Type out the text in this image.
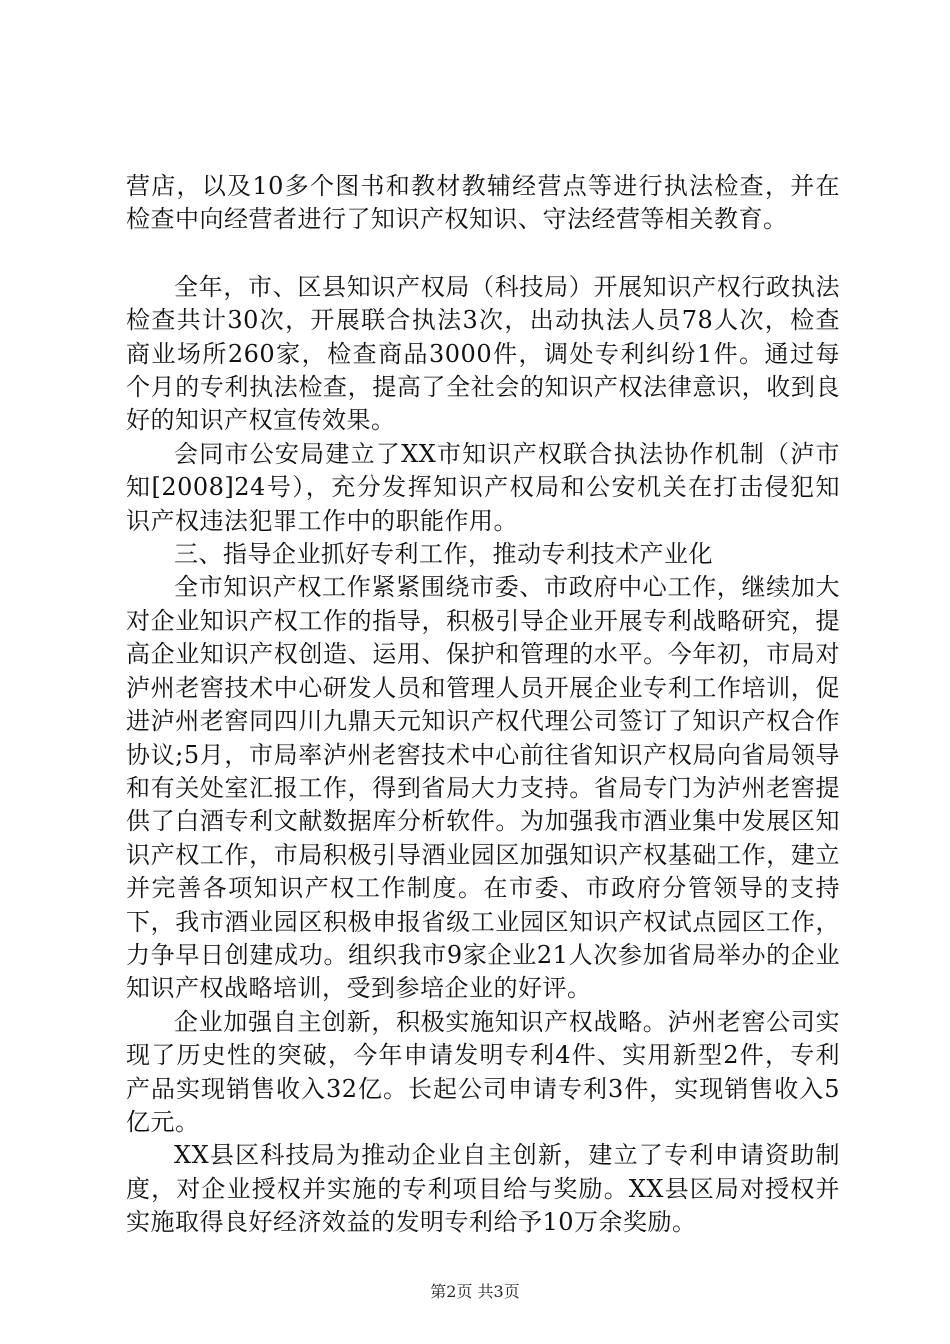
营店，以及10多个图书和教材教辅经营点等进行执法检查，并在检查中向经营者进行了知识产权知识、守法经营等相关教育。

全年，市、区县知识产权局（科技局）开展知识产权行政执法检查共计30次，开展联合执法3次，出动执法人员78人次，检查商业场所260家，检查商品3000件，调处专利纠纷1件。通过每个月的专利执法检查，提高了全社会的知识产权法律意识，收到良好的知识产权宣传效果。

会同市公安局建立了XX市知识产权联合执法协作机制（泸市知[2008]24号），充分发挥知识产权局和公安机关在打击侵犯知识产权违法犯罪工作中的职能作用。

三、指导企业抓好专利工作，推动专利技术产业化

全市知识产权工作紧紧围绕市委、市政府中心工作，继续加大对企业知识产权工作的指导，积极引导企业开展专利战略研究，提高企业知识产权创造、运用、保护和管理的水平。今年初，市局对泸州老窖技术中心研发人员和管理人员开展企业专利工作培训，促进泸州老窖同四川九鼎天元知识产权代理公司签订了知识产权合作协议;5月，市局率泸州老窖技术中心前往省知识产权局向省局领导和有关处室汇报工作，得到省局大力支持。省局专门为泸州老窖提供了白酒专利文献数据库分析软件。为加强我市酒业集中发展区知识产权工作，市局积极引导酒业园区加强知识产权基础工作，建立并完善各项知识产权工作制度。在市委、市政府分管领导的支持下，我市酒业园区积极申报省级工业园区知识产权试点园区工作，力争早日创建成功。组织我市9家企业21人次参加省局举办的企业知识产权战略培训，受到参培企业的好评。

企业加强自主创新，积极实施知识产权战略。泸州老窖公司实现了历史性的突破，今年申请发明专利4件、实用新型2件，专利产品实现销售收入32亿。长起公司申请专利3件，实现销售收入5亿元。

XX县区科技局为推动企业自主创新，建立了专利申请资助制度，对企业授权并实施的专利项目给与奖励。XX县区局对授权并实施取得良好经济效益的发明专利给予10万余奖励。

第2页 共3页
